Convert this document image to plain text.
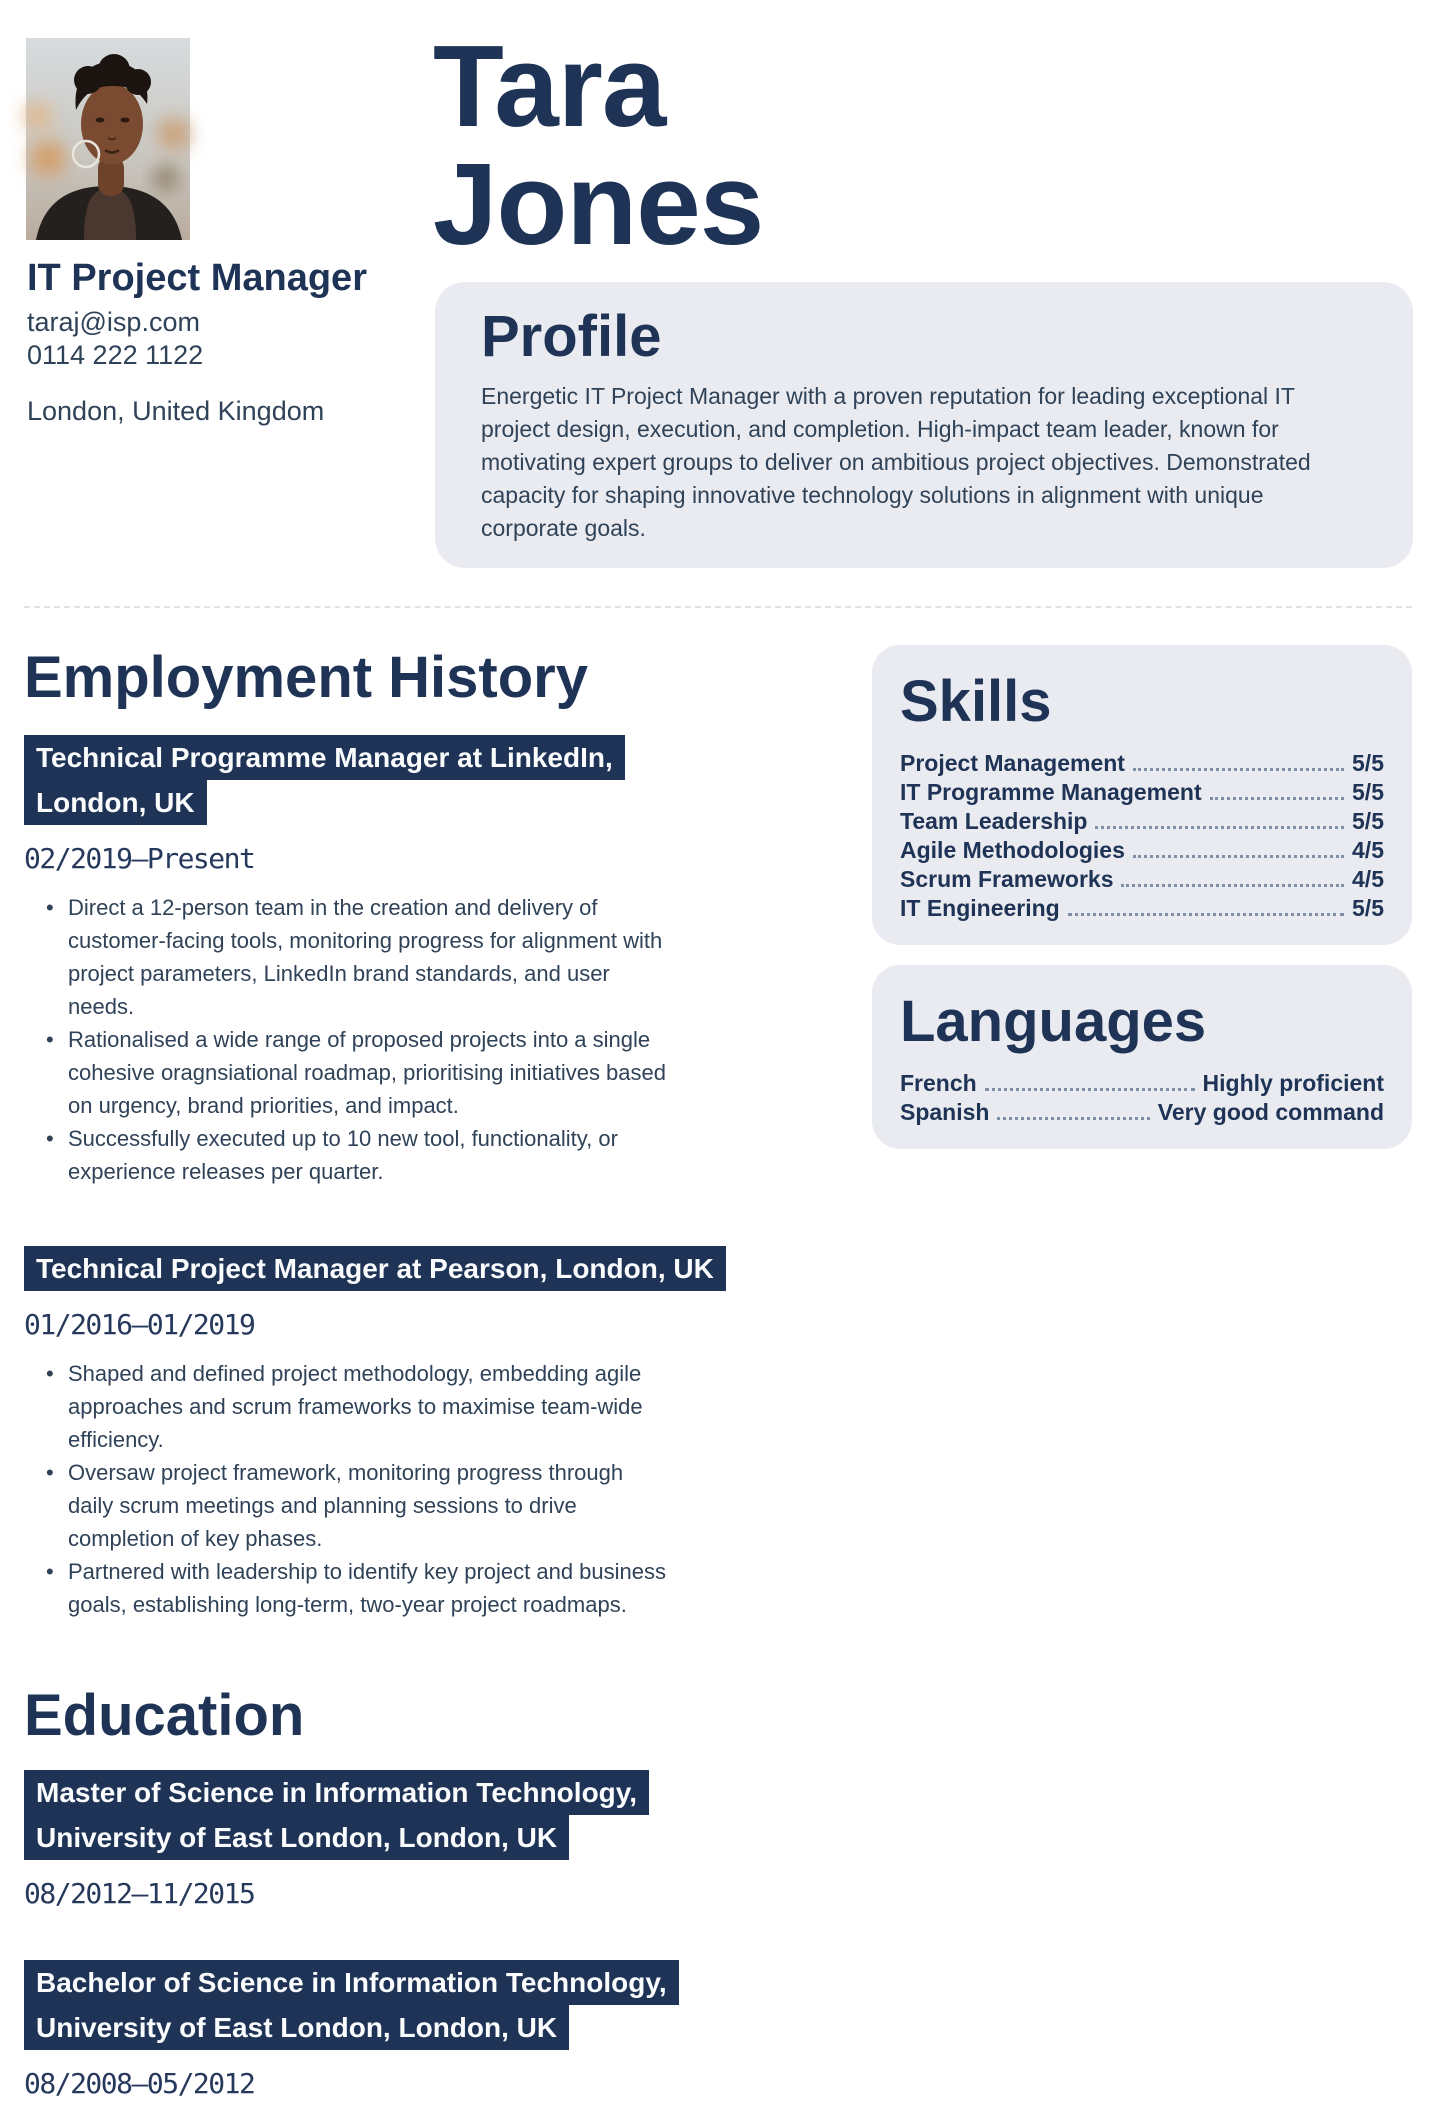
IT Project Manager
taraj@isp.com
0114 222 1122
London, United Kingdom
Tara
Jones
Profile

Energetic IT Project Manager with a proven reputation for leading exceptional IT project design, execution, and completion. High-impact team leader, known for motivating expert groups to deliver on ambitious project objectives. Demonstrated capacity for shaping innovative technology solutions in alignment with unique corporate goals.

Employment History
Technical Programme Manager at LinkedIn,
London, UK
02/2019—Present
• Direct a 12-person team in the creation and delivery of customer-facing tools, monitoring progress for alignment with project parameters, LinkedIn brand standards, and user needs.
• Rationalised a wide range of proposed projects into a single cohesive oragnsiational roadmap, prioritising initiatives based on urgency, brand priorities, and impact.
• Successfully executed up to 10 new tool, functionality, or experience releases per quarter.
Technical Project Manager at Pearson, London, UK
01/2016—01/2019
• Shaped and defined project methodology, embedding agile approaches and scrum frameworks to maximise team-wide efficiency.
• Oversaw project framework, monitoring progress through daily scrum meetings and planning sessions to drive completion of key phases.
• Partnered with leadership to identify key project and business goals, establishing long-term, two-year project roadmaps.
Education
Master of Science in Information Technology,
University of East London, London, UK
08/2012—11/2015
Bachelor of Science in Information Technology,
University of East London, London, UK
08/2008—05/2012
Skills
Project Management	5/5
IT Programme Management	5/5
Team Leadership	5/5
Agile Methodologies	4/5
Scrum Frameworks	4/5
IT Engineering	5/5
Languages
French	Highly proficient
Spanish	Very good command
